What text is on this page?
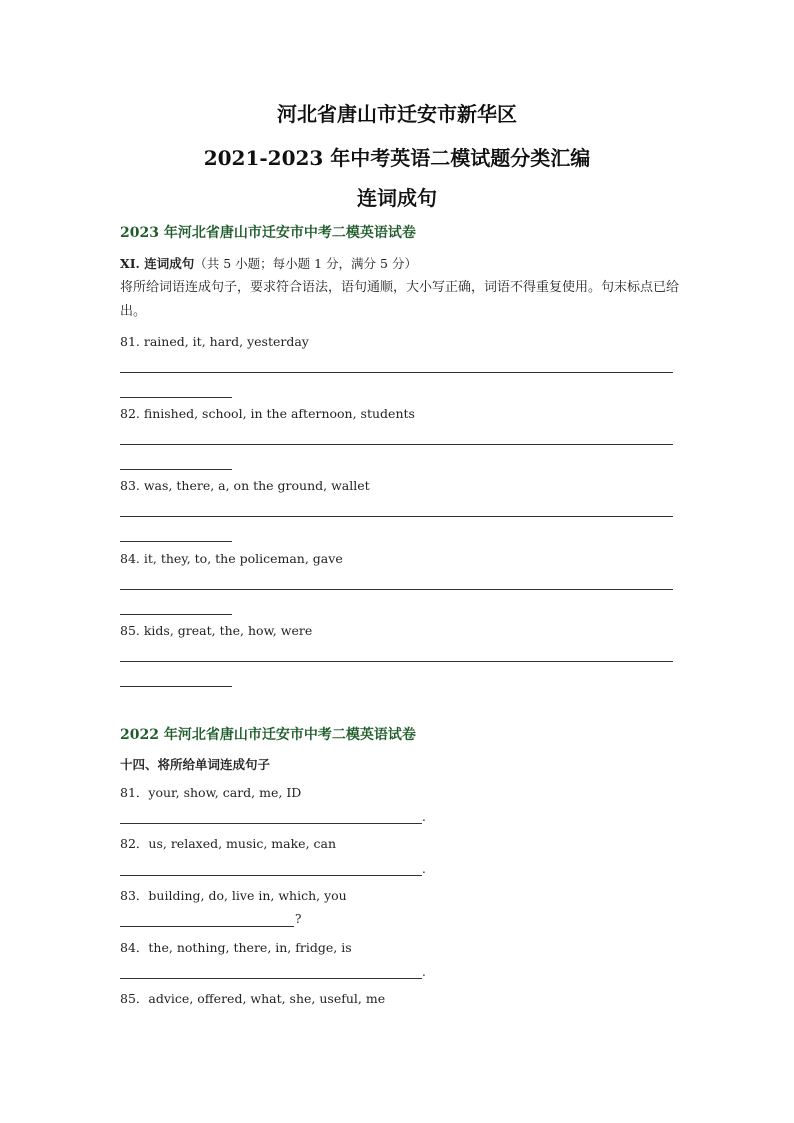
河北省唐山市迁安市新华区
2021-2023 年中考英语二模试题分类汇编
连词成句
2023 年河北省唐山市迁安市中考二模英语试卷
XI. 连词成句（共 5 小题；每小题 1 分，满分 5 分）
将所给词语连成句子，要求符合语法，语句通顺，大小写正确，词语不得重复使用。句末标点已给出。
81. rained, it, hard, yesterday
82. finished, school, in the afternoon, students
83. was, there, a, on the ground, wallet
84. it, they, to, the policeman, gave
85. kids, great, the, how, were
2022 年河北省唐山市迁安市中考二模英语试卷
十四、将所给单词连成句子
81．your, show, card, me, ID
.
82．us, relaxed, music, make, can
.
83．building, do, live in, which, you
?
84．the, nothing, there, in, fridge, is
.
85．advice, offered, what, she, useful, me
